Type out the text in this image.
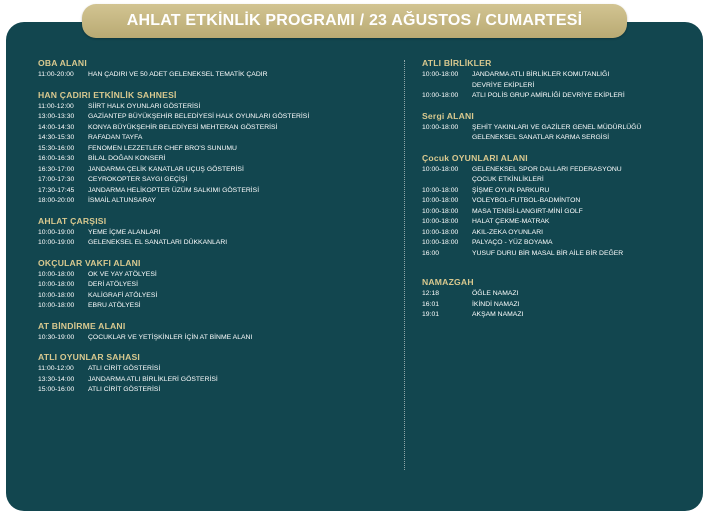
AHLAT ETKİNLİK PROGRAMI / 23 AĞUSTOS / CUMARTESİ
OBA ALANI
11:00-20:00	HAN ÇADIRI VE 50 ADET GELENEKSEL TEMATİK ÇADIR
HAN ÇADIRI ETKİNLİK SAHNESİ
11:00-12:00	SİİRT HALK OYUNLARI GÖSTERİSİ
13:00-13:30	GAZİANTEP BÜYÜKŞEHİR BELEDİYESİ HALK OYUNLARI GÖSTERİSİ
14:00-14:30	KONYA BÜYÜKŞEHİR BELEDİYESİ MEHTERAN GÖSTERİSİ
14:30-15:30	RAFADAN TAYFA
15:30-16:00	FENOMEN LEZZETLER CHEF BRO'S SUNUMU
16:00-16:30	BİLAL DOĞAN KONSERİ
16:30-17:00	JANDARMA ÇELİK KANATLAR UÇUŞ GÖSTERİSİ
17:00-17:30	CEYROKOPTER SAYGI GEÇİŞİ
17:30-17:45	JANDARMA HELİKOPTER ÜZÜM SALKIMI GÖSTERİSİ
18:00-20:00	İSMAİL ALTUNSARAY
AHLAT ÇARŞISI
10:00-19:00	YEME İÇME ALANLARI
10:00-19:00	GELENEKSEL EL SANATLARI DÜKKANLARI
OKÇULAR VAKFI ALANI
10:00-18:00	OK VE YAY ATÖLYESİ
10:00-18:00	DERİ ATÖLYESİ
10:00-18:00	KALİGRAFİ ATÖLYESİ
10:00-18:00	EBRU ATÖLYESİ
AT BİNDİRME ALANI
10:30-19:00	ÇOCUKLAR VE YETİŞKİNLER İÇİN AT BİNME ALANI
ATLI OYUNLAR SAHASI
11:00-12:00	ATLI CİRİT GÖSTERİSİ
13:30-14:00	JANDARMA ATLI BİRLİKLERİ GÖSTERİSİ
15:00-16:00	ATLI CİRİT GÖSTERİSİ
ATLI BİRLİKLER
10:00-18:00	JANDARMA ATLI BİRLİKLER KOMUTANLIĞI
DEVRİYE EKİPLERİ
10:00-18:00	ATLI POLİS GRUP AMİRLİĞİ DEVRİYE EKİPLERİ
Sergi ALANI
10:00-18:00	ŞEHİT YAKINLARI VE GAZİLER GENEL MÜDÜRLÜĞÜ
GELENEKSEL SANATLAR KARMA SERGİSİ
Çocuk OYUNLARI ALANI
10:00-18:00	GELENEKSEL SPOR DALLARI FEDERASYONU
ÇOCUK ETKİNLİKLERİ
10:00-18:00	ŞİŞME OYUN PARKURU
10:00-18:00	VOLEYBOL-FUTBOL-BADMİNTON
10:00-18:00	MASA TENİSİ-LANGIRT-MİNİ GOLF
10:00-18:00	HALAT ÇEKME-MATRAK
10:00-18:00	AKIL-ZEKA OYUNLARI
10:00-18:00	PALYAÇO - YÜZ BOYAMA
16:00	YUSUF DURU BİR MASAL BİR AİLE BİR DEĞER
NAMAZGAH
12:18	ÖĞLE NAMAZI
16:01	İKİNDİ NAMAZI
19:01	AKŞAM NAMAZI
